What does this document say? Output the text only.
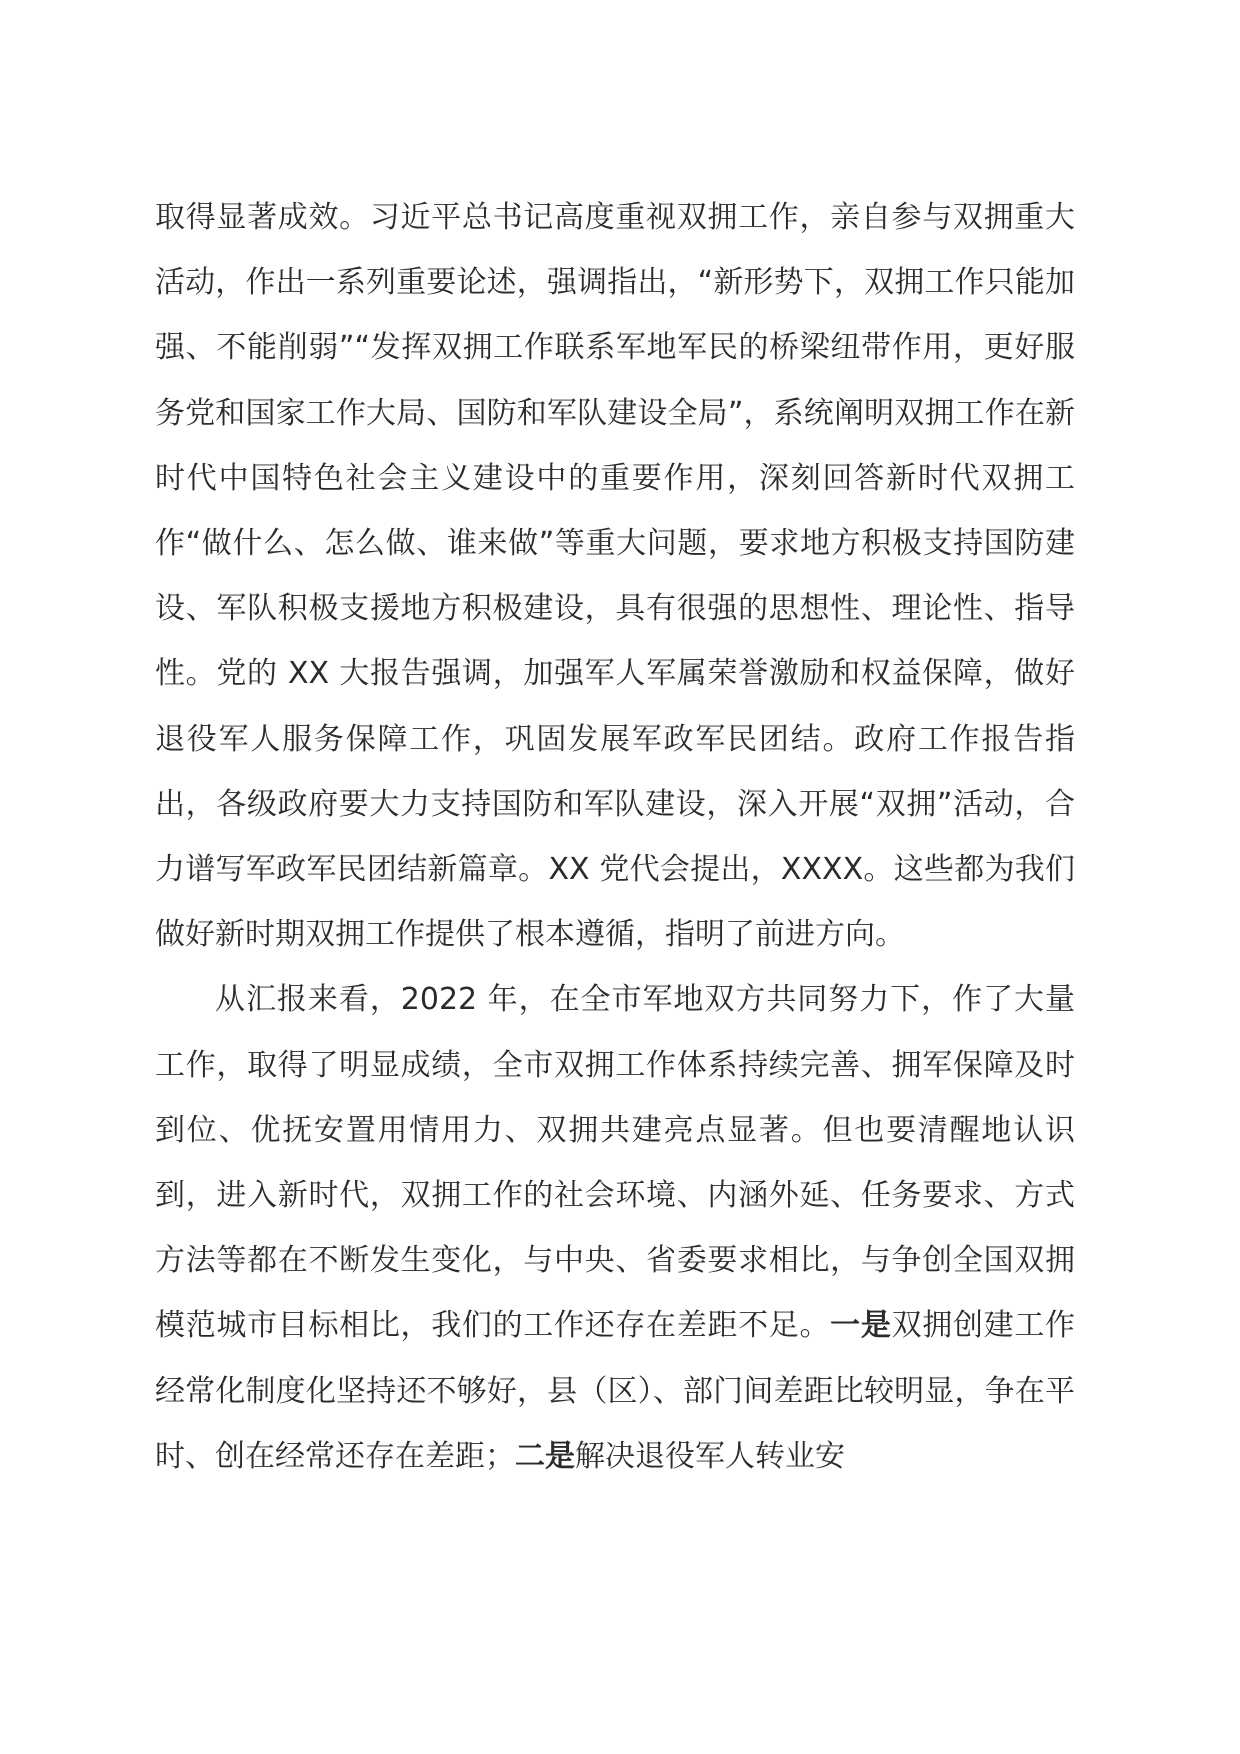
取得显著成效。习近平总书记高度重视双拥工作，亲自参与双拥重大活动，作出一系列重要论述，强调指出，“新形势下，双拥工作只能加强、不能削弱”“发挥双拥工作联系军地军民的桥梁纽带作用，更好服务党和国家工作大局、国防和军队建设全局”，系统阐明双拥工作在新时代中国特色社会主义建设中的重要作用，深刻回答新时代双拥工作“做什么、怎么做、谁来做”等重大问题，要求地方积极支持国防建设、军队积极支援地方积极建设，具有很强的思想性、理论性、指导性。党的 XX 大报告强调，加强军人军属荣誉激励和权益保障，做好退役军人服务保障工作，巩固发展军政军民团结。政府工作报告指出，各级政府要大力支持国防和军队建设，深入开展“双拥”活动，合力谱写军政军民团结新篇章。XX 党代会提出，XXXX。这些都为我们做好新时期双拥工作提供了根本遵循，指明了前进方向。

从汇报来看，2022 年，在全市军地双方共同努力下，作了大量工作，取得了明显成绩，全市双拥工作体系持续完善、拥军保障及时到位、优抚安置用情用力、双拥共建亮点显著。但也要清醒地认识到，进入新时代，双拥工作的社会环境、内涵外延、任务要求、方式方法等都在不断发生变化，与中央、省委要求相比，与争创全国双拥模范城市目标相比，我们的工作还存在差距不足。一是双拥创建工作经常化制度化坚持还不够好，县（区）、部门间差距比较明显，争在平时、创在经常还存在差距；二是解决退役军人转业安
